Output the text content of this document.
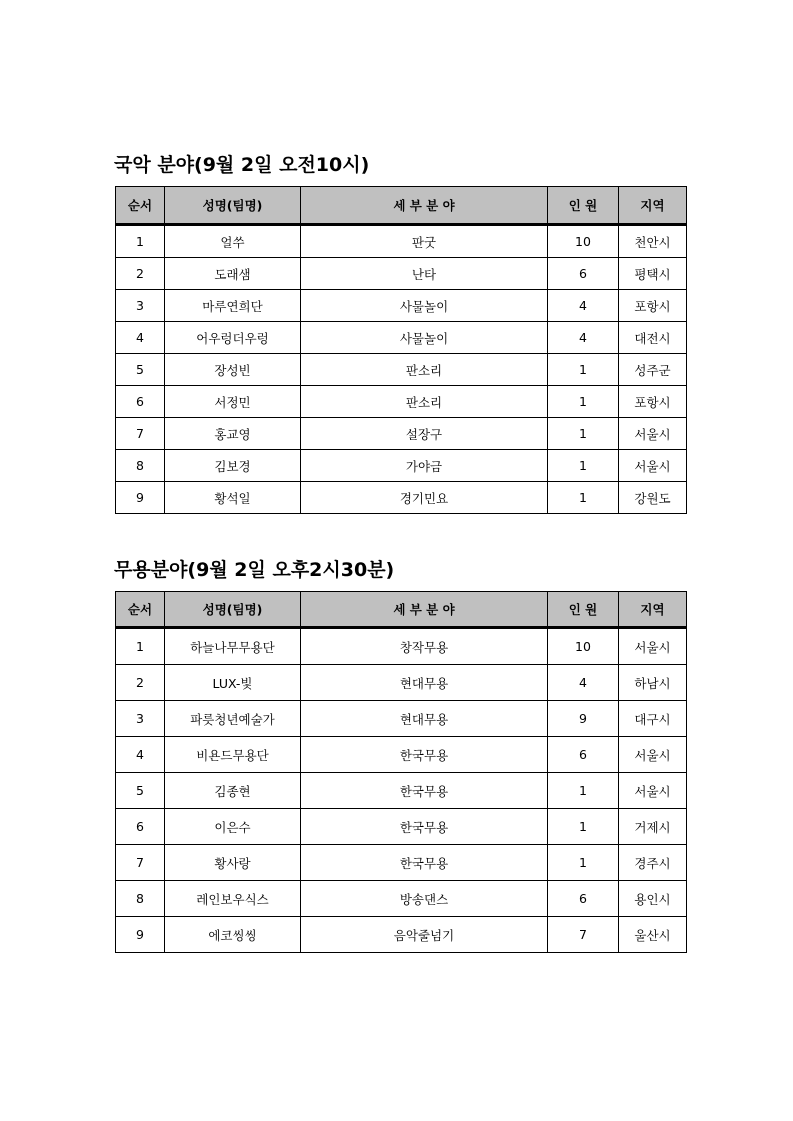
국악 분야(9월 2일 오전10시)
순서	성명(팀명)	세 부 분 야	인 원	지역
1	얼쑤	판굿	10	천안시
2	도래샘	난타	6	평택시
3	마루연희단	사물놀이	4	포항시
4	어우렁더우렁	사물놀이	4	대전시
5	장성빈	판소리	1	성주군
6	서정민	판소리	1	포항시
7	홍교영	설장구	1	서울시
8	김보경	가야금	1	서울시
9	황석일	경기민요	1	강원도
무용분야(9월 2일 오후2시30분)
순서	성명(팀명)	세 부 분 야	인 원	지역
1	하늘나무무용단	창작무용	10	서울시
2	LUX-빛	현대무용	4	하남시
3	파릇청년예술가	현대무용	9	대구시
4	비욘드무용단	한국무용	6	서울시
5	김종현	한국무용	1	서울시
6	이은수	한국무용	1	거제시
7	황사랑	한국무용	1	경주시
8	레인보우식스	방송댄스	6	용인시
9	에코씽씽	음악줄넘기	7	울산시
